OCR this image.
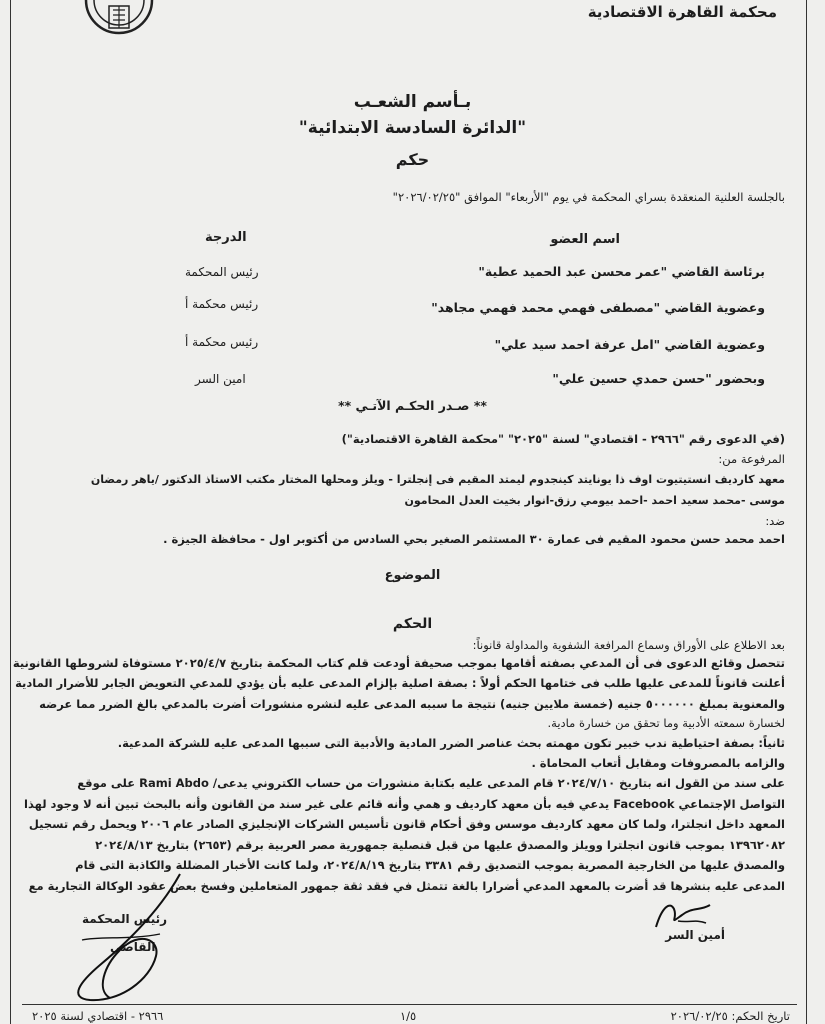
محكمة القاهرة الاقتصادية
بـأسم الشعـب
"الدائرة السادسة الابتدائية"
حكم
بالجلسة العلنية المنعقدة بسراي المحكمة في يوم "الأربعاء" الموافق "٢٠٢٦/٠٢/٢٥"
اسم العضو
الدرجة
برئاسة القاضي "عمر محسن عبد الحميد عطية"
رئيس المحكمة
وعضوية القاضي "مصطفى فهمي محمد فهمي مجاهد"
رئيس محكمة أ
وعضوية القاضي "امل عرفة احمد سيد علي"
رئيس محكمة أ
وبحضور "حسن حمدي حسين علي"
امين السر
** صـدر الحكـم الآتـي **
(في الدعوى رقم "٢٩٦٦ - اقتصادي" لسنة "٢٠٢٥" "محكمة القاهرة الاقتصادية")
المرفوعة من:
معهد كارديف انستيتيوت اوف ذا يونايتد كينجدوم ليمتد المقيم فى إنجلترا - ويلز ومحلها المختار مكتب الاستاذ الدكتور /ياهر رمضان
موسى -محمد سعيد احمد -احمد بيومي رزق-انوار بخيت العدل المحامون
ضد:
احمد محمد حسن محمود المقيم فى عمارة ٣٠ المستثمر الصغير بحي السادس من أكتوبر اول - محافظة الجيزة .
الموضوع
الحكم
بعد الاطلاع على الأوراق وسماع المرافعة الشفوية والمداولة قانوناً:
تتحصل وقائع الدعوى فى أن المدعي بصفته أقامها بموجب صحيفة أودعت قلم كتاب المحكمة بتاريخ ٢٠٢٥/٤/٧ مستوفاة لشروطها القانونية
أعلنت قانوناً للمدعى عليها طلب فى ختامها الحكم أولاً : بصفة اصلية بإلزام المدعى عليه بأن يؤدي للمدعي التعويض الجابر للأضرار المادية
والمعنوية بمبلغ ٥٠٠٠٠٠٠ جنيه (خمسة ملايين جنيه) نتيجة ما سببه المدعى عليه لنشره منشورات أضرت بالمدعي بالغ الضرر مما عرضه
لخسارة سمعته الأدبية وما تحقق من خسارة مادية.
ثانياً: بصفة احتياطية ندب خبير تكون مهمته بحث عناصر الضرر المادية والأدبية التى سببها المدعى عليه للشركة المدعية.
والزامه بالمصروفات ومقابل أتعاب المحاماة .
على سند من القول انه بتاريخ ٢٠٢٤/٧/١٠ قام المدعى عليه بكتابة منشورات من حساب الكتروني يدعى/ Rami Abdo على موقع
التواصل الإجتماعي Facebook يدعي فيه بأن معهد كارديف و همي وأنه قائم على غير سند من القانون وأنه بالبحث تبين أنه لا وجود لهذا
المعهد داخل انجلترا، ولما كان معهد كارديف موسس وفق أحكام قانون تأسيس الشركات الإنجليزي الصادر عام ٢٠٠٦ ويحمل رقم تسجيل
١٣٩٦٢٠٨٢ بموجب قانون انجلترا وويلز والمصدق عليها من قبل قنصلية جمهورية مصر العربية برقم (٢٦٥٣) بتاريخ ٢٠٢٤/٨/١٣
والمصدق عليها من الخارجية المصرية بموجب التصديق رقم ٣٣٨١ بتاريخ ٢٠٢٤/٨/١٩، ولما كانت الأخبار المضللة والكاذبة التى قام
المدعى عليه بنشرها قد أضرت بالمعهد المدعي أضرارا بالغة تتمثل في فقد ثقة جمهور المتعاملين وفسخ بعض عقود الوكالة التجارية مع
أمين السر
رئيس المحكمة
القاضي
٢٩٦٦ - اقتصادي لسنة ٢٠٢٥	١/٥	تاريخ الحكم: ٢٠٢٦/٠٢/٢٥
